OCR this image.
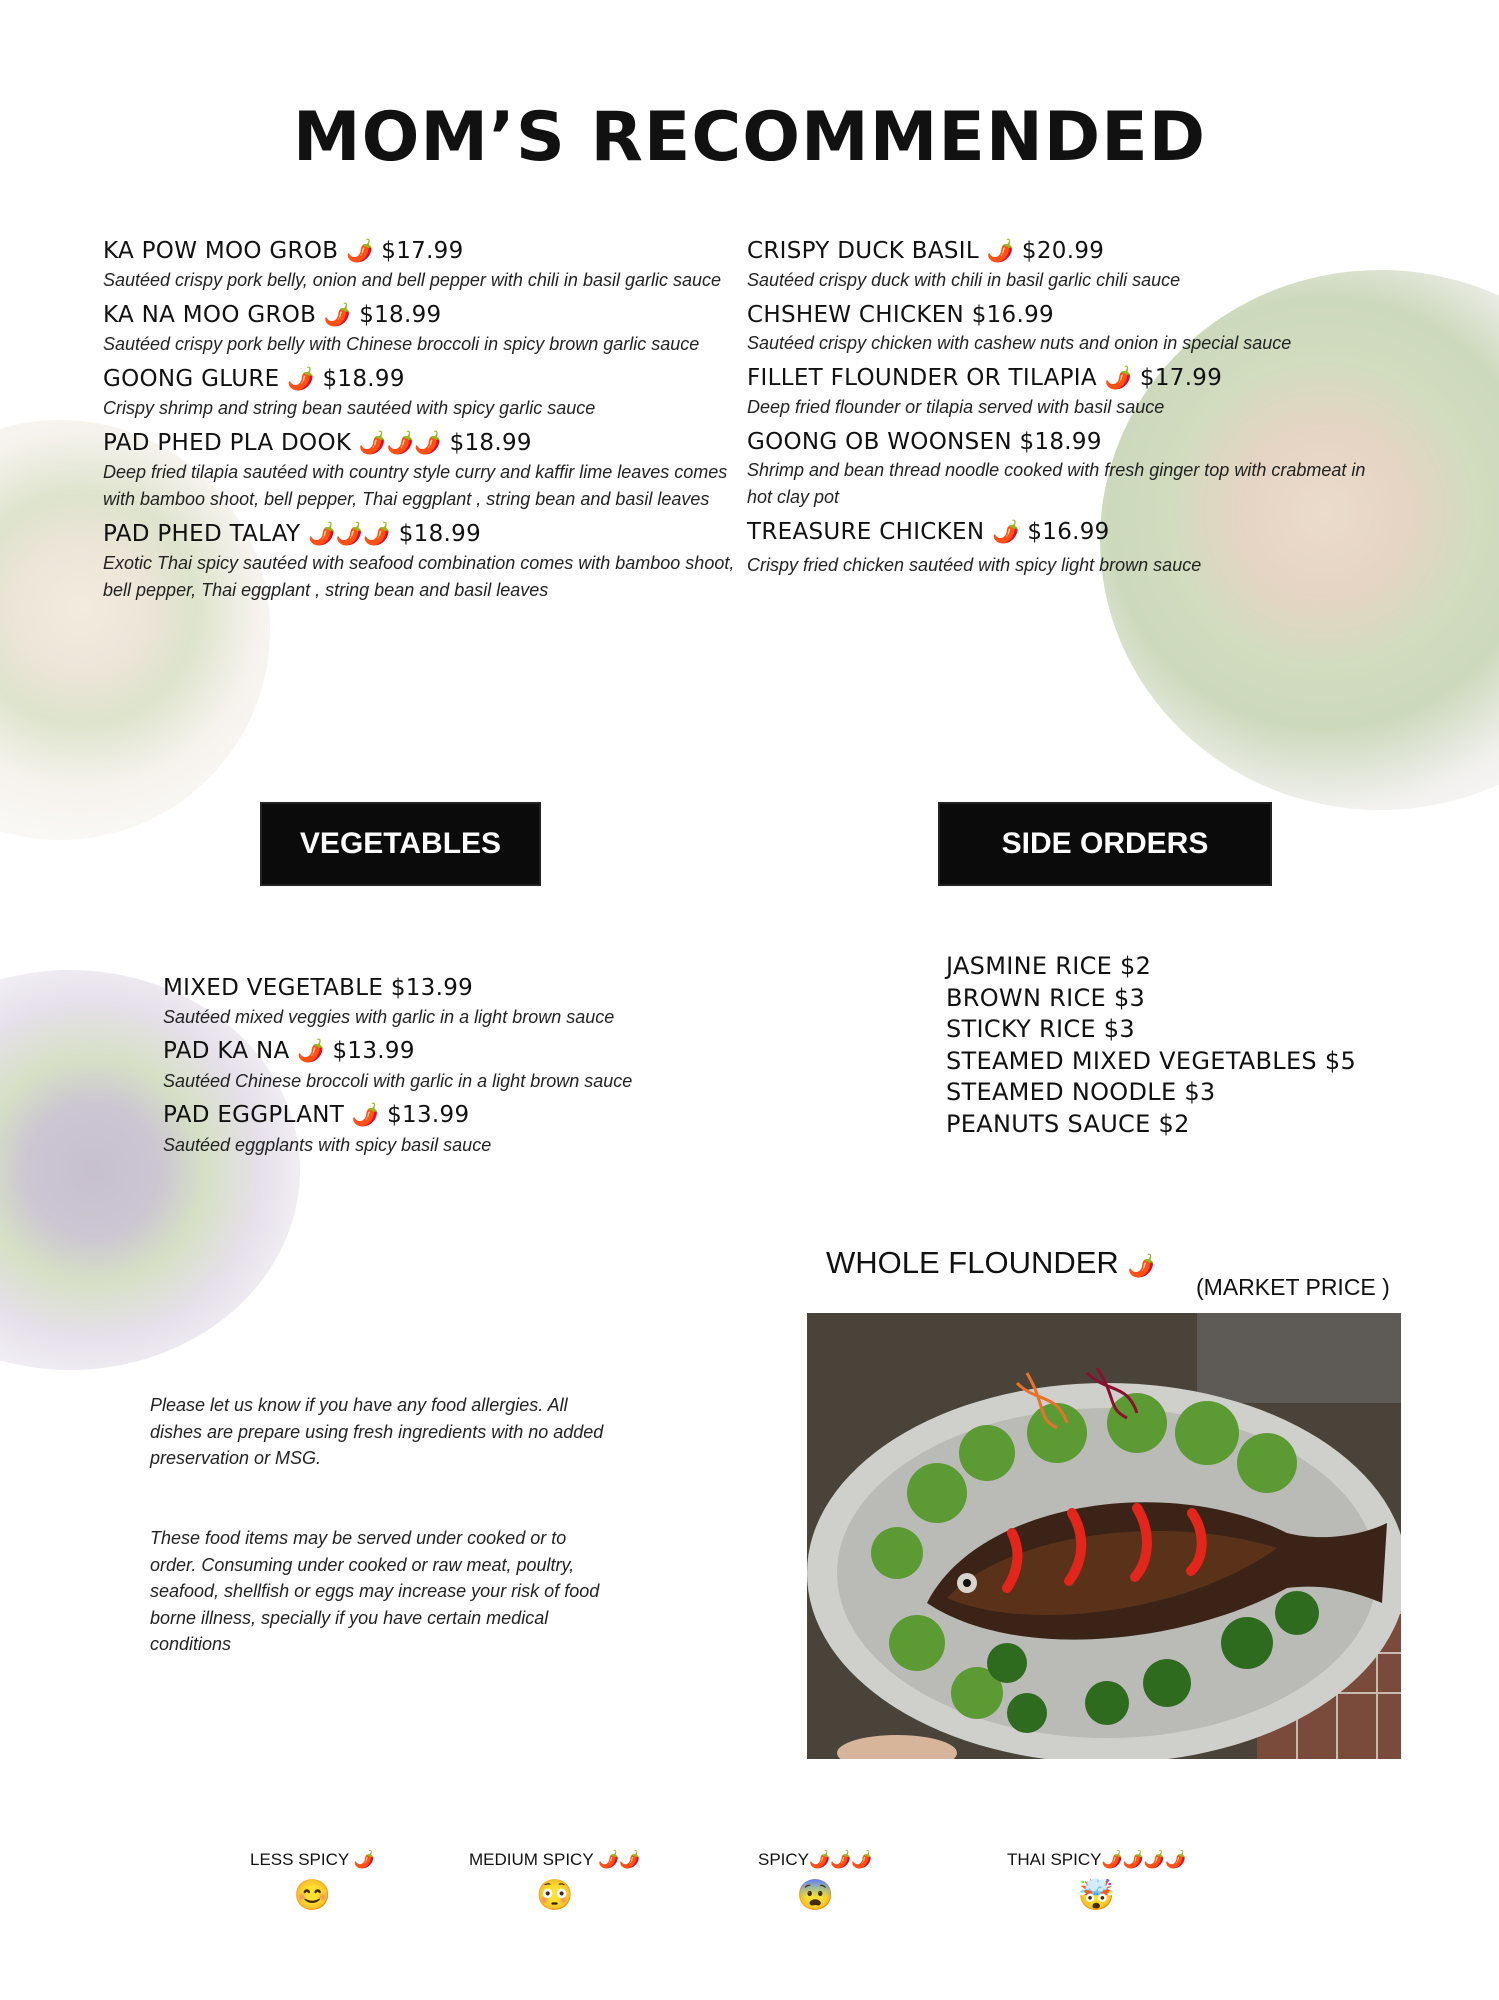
MOM’S RECOMMENDED
KA POW MOO GROB 🌶️ $17.99
Sautéed crispy pork belly, onion and bell pepper with chili in basil garlic sauce
KA NA MOO GROB 🌶️ $18.99
Sautéed crispy pork belly with Chinese broccoli in spicy brown garlic sauce
GOONG GLURE 🌶️ $18.99
Crispy shrimp and string bean sautéed with spicy garlic sauce
PAD PHED PLA DOOK 🌶️🌶️🌶️ $18.99
Deep fried tilapia sautéed with country style curry and kaffir lime leaves comes with bamboo shoot, bell pepper, Thai eggplant , string bean and basil leaves
PAD PHED TALAY 🌶️🌶️🌶️ $18.99
Exotic Thai spicy sautéed with seafood combination comes with bamboo shoot, bell pepper, Thai eggplant , string bean and basil leaves
CRISPY DUCK BASIL 🌶️ $20.99
Sautéed crispy duck with chili in basil garlic chili sauce
CHSHEW CHICKEN $16.99
Sautéed crispy chicken with cashew nuts and onion in special sauce
FILLET FLOUNDER OR TILAPIA 🌶️ $17.99
Deep fried flounder or tilapia served with basil sauce
GOONG OB WOONSEN $18.99
Shrimp and bean thread noodle cooked with fresh ginger top with crabmeat in hot clay pot
TREASURE CHICKEN 🌶️ $16.99
Crispy fried chicken sautéed with spicy light brown sauce
VEGETABLES	SIDE ORDERS
MIXED VEGETABLE $13.99
Sautéed mixed veggies with garlic in a light brown sauce
PAD KA NA 🌶️ $13.99
Sautéed Chinese broccoli with garlic in a light brown sauce
PAD EGGPLANT 🌶️ $13.99
Sautéed eggplants with spicy basil sauce
JASMINE RICE $2
BROWN RICE $3
STICKY RICE $3
STEAMED MIXED VEGETABLES $5
STEAMED NOODLE $3
PEANUTS SAUCE $2
WHOLE FLOUNDER 🌶️
(MARKET PRICE )
Please let us know if you have any food allergies. All dishes are prepare using fresh ingredients with no added preservation or MSG.
These food items may be served under cooked or to order. Consuming under cooked or raw meat, poultry, seafood, shellfish or eggs may increase your risk of food borne illness, specially if you have certain medical conditions
LESS SPICY 🌶️
😊
MEDIUM SPICY 🌶️🌶️
😳
SPICY🌶️🌶️🌶️
😨
THAI SPICY🌶️🌶️🌶️🌶️
🤯
